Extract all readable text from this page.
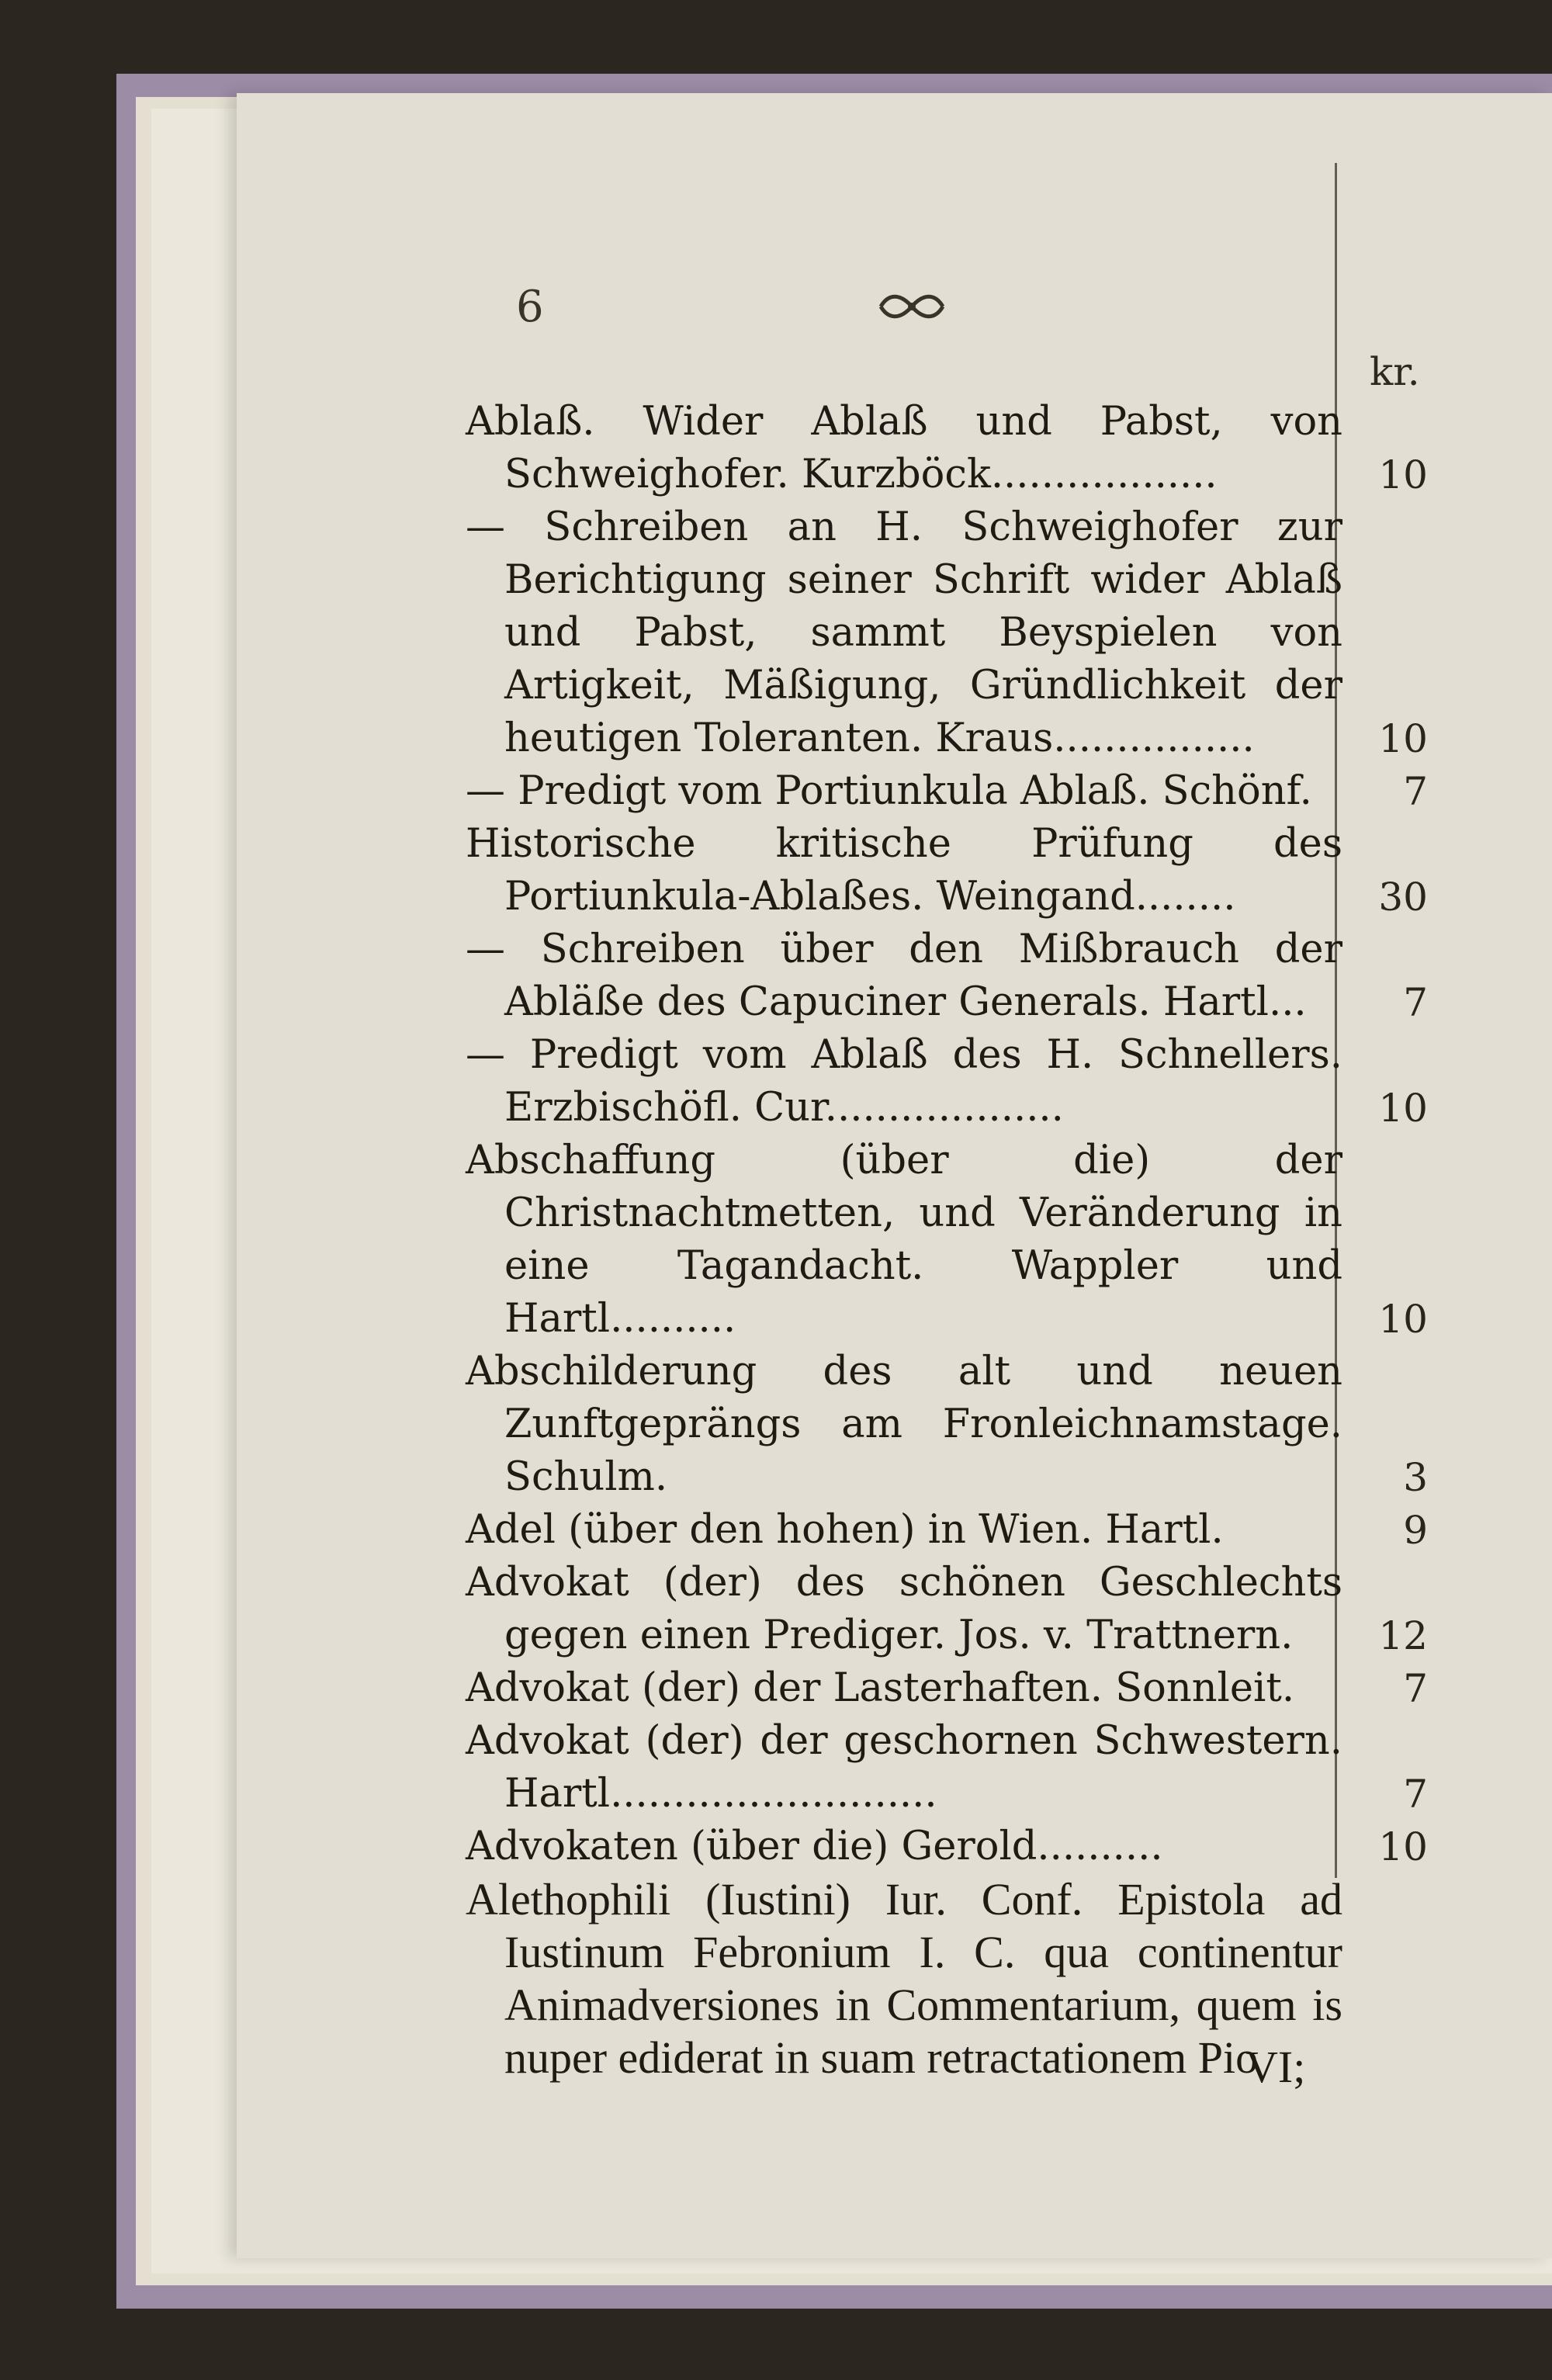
6
kr.
Ablaß. Wider Ablaß und Pabst, von Schweighofer. Kurzböck..................	10
— Schreiben an H. Schweighofer zur Berichtigung seiner Schrift wider Ablaß und Pabst, sammt Beyspielen von Artigkeit, Mäßigung, Gründlichkeit der heutigen Toleranten. Kraus................	10
— Predigt vom Portiunkula Ablaß. Schönf. 7
Historische kritische Prüfung des Portiunkula-Ablaßes. Weingand........	30
— Schreiben über den Mißbrauch der Abläße des Capuciner Generals. Hartl... 7
— Predigt vom Ablaß des H. Schnellers. Erzbischöfl. Cur...................	10
Abschaffung (über die) der Christnachtmetten, und Veränderung in eine Tagandacht. Wappler und Hartl..........	10
Abschilderung des alt und neuen Zunftgeprängs am Fronleichnamstage. Schulm.	3
Adel (über den hohen) in Wien. Hartl.	9
Advokat (der) des schönen Geschlechts gegen einen Prediger. Jos. v. Trattnern. 12
Advokat (der) der Lasterhaften. Sonnleit.	7
Advokat (der) der geschornen Schwestern. Hartl..........................	7
Advokaten (über die) Gerold..........	10
Alethophili (Iustini) Iur. Conf. Epistola ad Iustinum Febronium I. C. qua continentur Animadversiones in Commentarium, quem is nuper ediderat in suam retractationem Pio
VI;
